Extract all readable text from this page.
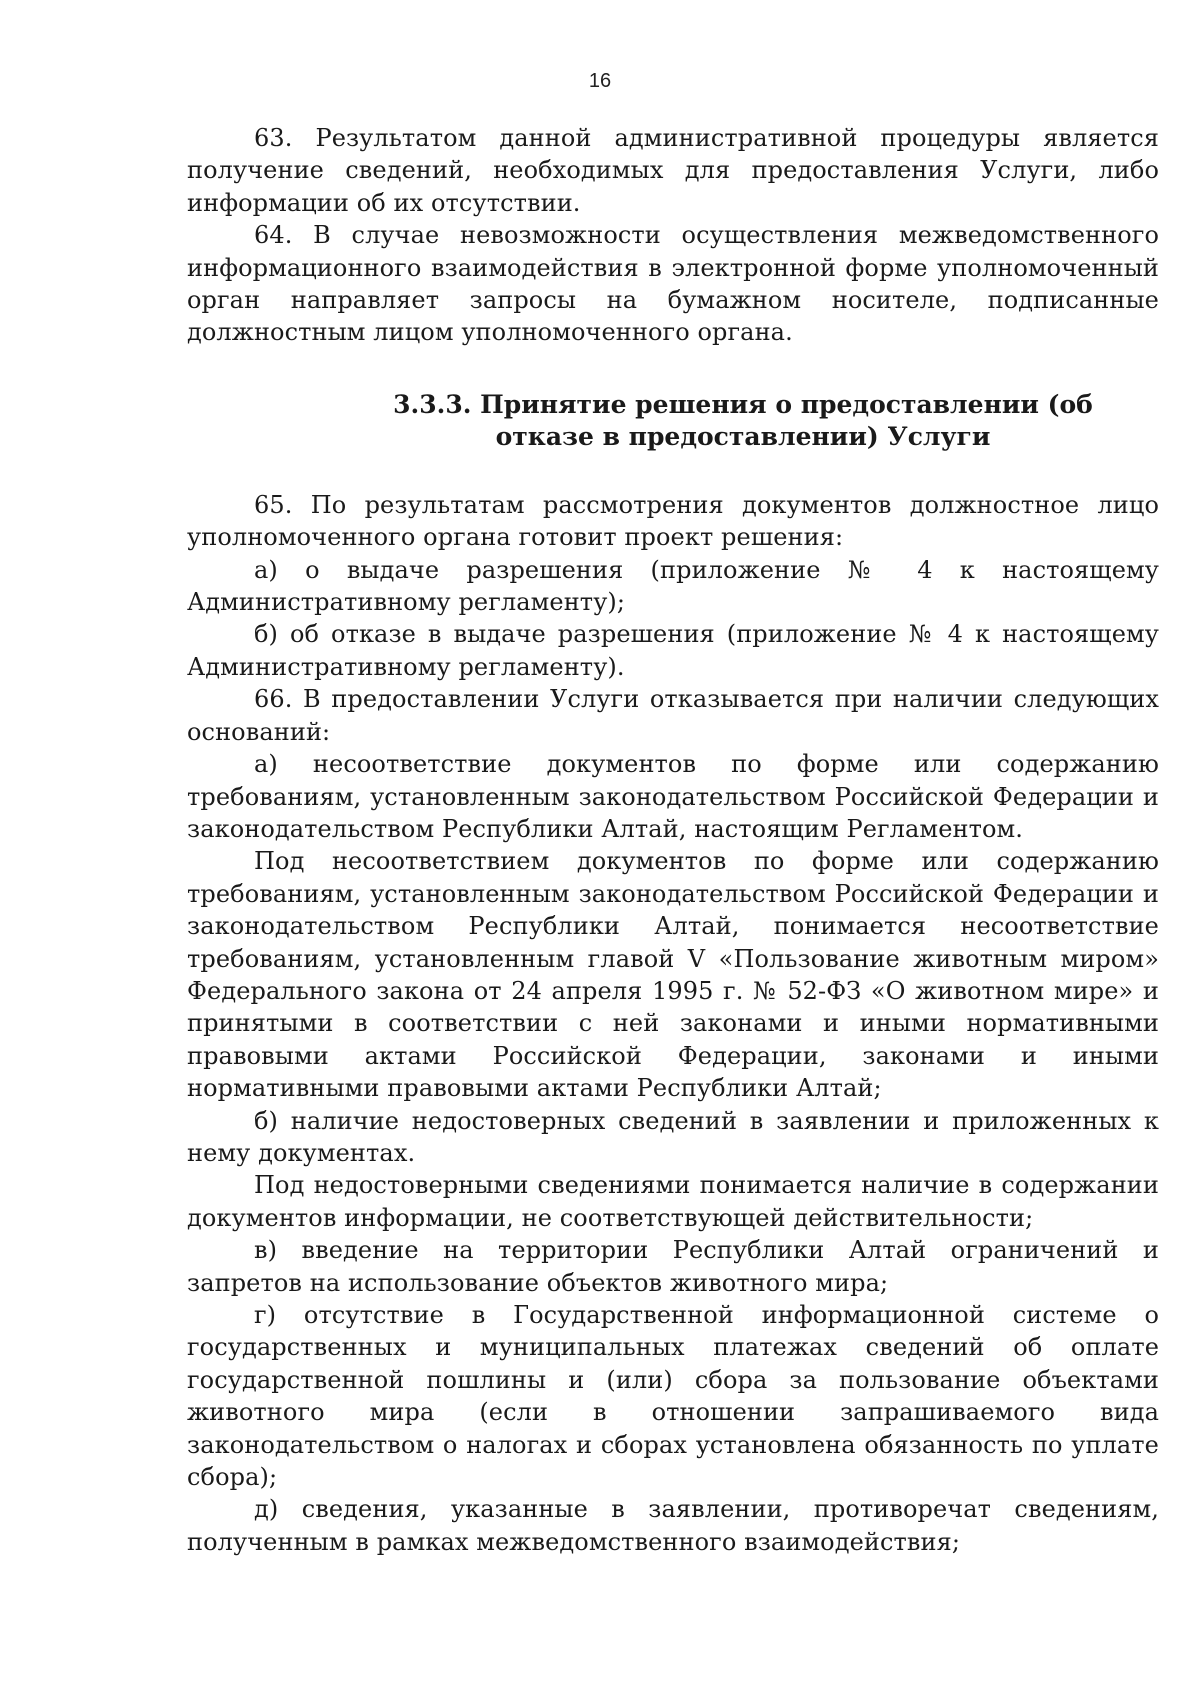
16

63. Результатом данной административной процедуры является получение сведений, необходимых для предоставления Услуги, либо информации об их отсутствии.

64. В случае невозможности осуществления межведомственного информационного взаимодействия в электронной форме уполномоченный орган направляет запросы на бумажном носителе, подписанные должностным лицом уполномоченного органа.

3.3.3. Принятие решения о предоставлении (об отказе в предоставлении) Услуги

65. По результатам рассмотрения документов должностное лицо уполномоченного органа готовит проект решения:

а) о выдаче разрешения (приложение № 4 к настоящему Административному регламенту);

б) об отказе в выдаче разрешения (приложение № 4 к настоящему Административному регламенту).

66. В предоставлении Услуги отказывается при наличии следующих оснований:

а) несоответствие документов по форме или содержанию требованиям, установленным законодательством Российской Федерации и законодательством Республики Алтай, настоящим Регламентом.

Под несоответствием документов по форме или содержанию требованиям, установленным законодательством Российской Федерации и законодательством Республики Алтай, понимается несоответствие требованиям, установленным главой V «Пользование животным миром» Федерального закона от 24 апреля 1995 г. № 52-ФЗ «О животном мире» и принятыми в соответствии с ней законами и иными нормативными правовыми актами Российской Федерации, законами и иными нормативными правовыми актами Республики Алтай;

б) наличие недостоверных сведений в заявлении и приложенных к нему документах.

Под недостоверными сведениями понимается наличие в содержании документов информации, не соответствующей действительности;

в) введение на территории Республики Алтай ограничений и запретов на использование объектов животного мира;

г) отсутствие в Государственной информационной системе о государственных и муниципальных платежах сведений об оплате государственной пошлины и (или) сбора за пользование объектами животного мира (если в отношении запрашиваемого вида законодательством о налогах и сборах установлена обязанность по уплате сбора);

д) сведения, указанные в заявлении, противоречат сведениям, полученным в рамках межведомственного взаимодействия;
